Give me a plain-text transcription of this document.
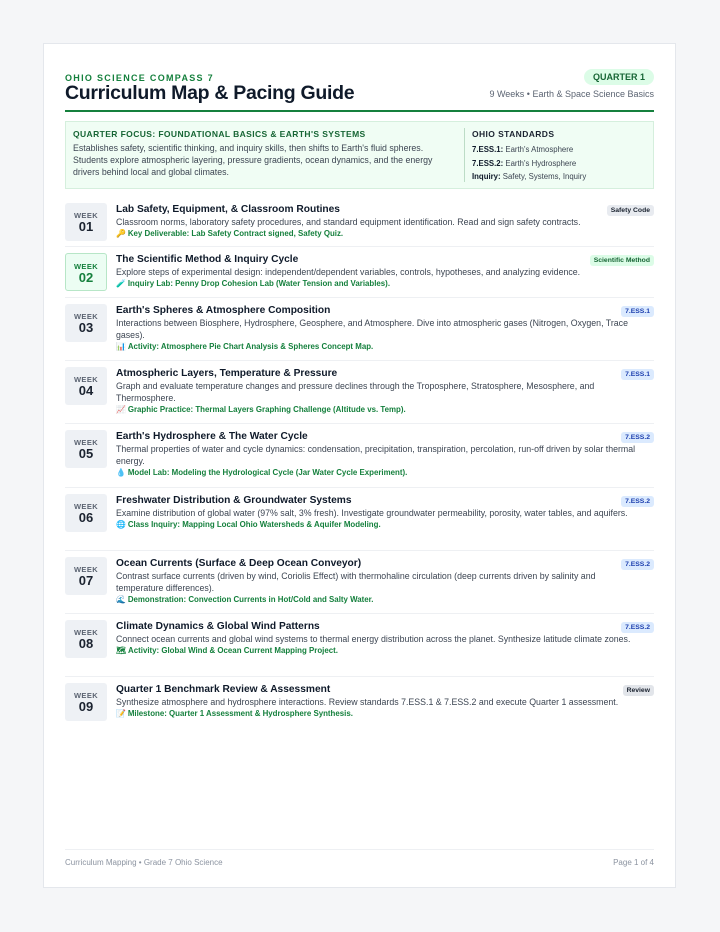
OHIO SCIENCE COMPASS 7
Curriculum Map & Pacing Guide
QUARTER 1
9 Weeks • Earth & Space Science Basics
QUARTER FOCUS: FOUNDATIONAL BASICS & EARTH'S SYSTEMS
Establishes safety, scientific thinking, and inquiry skills, then shifts to Earth's fluid spheres. Students explore atmospheric layering, pressure gradients, ocean dynamics, and the energy drivers behind local and global climates.
OHIO STANDARDS
7.ESS.1: Earth's Atmosphere
7.ESS.2: Earth's Hydrosphere
Inquiry: Safety, Systems, Inquiry
WEEK
01
Lab Safety, Equipment, & Classroom Routines	Safety Code
Classroom norms, laboratory safety procedures, and standard equipment identification. Read and sign safety contracts.
🔑 Key Deliverable: Lab Safety Contract signed, Safety Quiz.
WEEK
02
The Scientific Method & Inquiry Cycle	Scientific Method
Explore steps of experimental design: independent/dependent variables, controls, hypotheses, and analyzing evidence.
🧪 Inquiry Lab: Penny Drop Cohesion Lab (Water Tension and Variables).
WEEK
03
Earth's Spheres & Atmosphere Composition	7.ESS.1
Interactions between Biosphere, Hydrosphere, Geosphere, and Atmosphere. Dive into atmospheric gases (Nitrogen, Oxygen, Trace gases).
📊 Activity: Atmosphere Pie Chart Analysis & Spheres Concept Map.
WEEK
04
Atmospheric Layers, Temperature & Pressure	7.ESS.1
Graph and evaluate temperature changes and pressure declines through the Troposphere, Stratosphere, Mesosphere, and Thermosphere.
📈 Graphic Practice: Thermal Layers Graphing Challenge (Altitude vs. Temp).
WEEK
05
Earth's Hydrosphere & The Water Cycle	7.ESS.2
Thermal properties of water and cycle dynamics: condensation, precipitation, transpiration, percolation, run-off driven by solar thermal energy.
💧 Model Lab: Modeling the Hydrological Cycle (Jar Water Cycle Experiment).
WEEK
06
Freshwater Distribution & Groundwater Systems	7.ESS.2
Examine distribution of global water (97% salt, 3% fresh). Investigate groundwater permeability, porosity, water tables, and aquifers.
🌐 Class Inquiry: Mapping Local Ohio Watersheds & Aquifer Modeling.
WEEK
07
Ocean Currents (Surface & Deep Ocean Conveyor)	7.ESS.2
Contrast surface currents (driven by wind, Coriolis Effect) with thermohaline circulation (deep currents driven by salinity and temperature differences).
🌊 Demonstration: Convection Currents in Hot/Cold and Salty Water.
WEEK
08
Climate Dynamics & Global Wind Patterns	7.ESS.2
Connect ocean currents and global wind systems to thermal energy distribution across the planet. Synthesize latitude climate zones.
🗺 Activity: Global Wind & Ocean Current Mapping Project.
WEEK
09
Quarter 1 Benchmark Review & Assessment	Review
Synthesize atmosphere and hydrosphere interactions. Review standards 7.ESS.1 & 7.ESS.2 and execute Quarter 1 assessment.
📝 Milestone: Quarter 1 Assessment & Hydrosphere Synthesis.
Curriculum Mapping • Grade 7 Ohio Science	Page 1 of 4
